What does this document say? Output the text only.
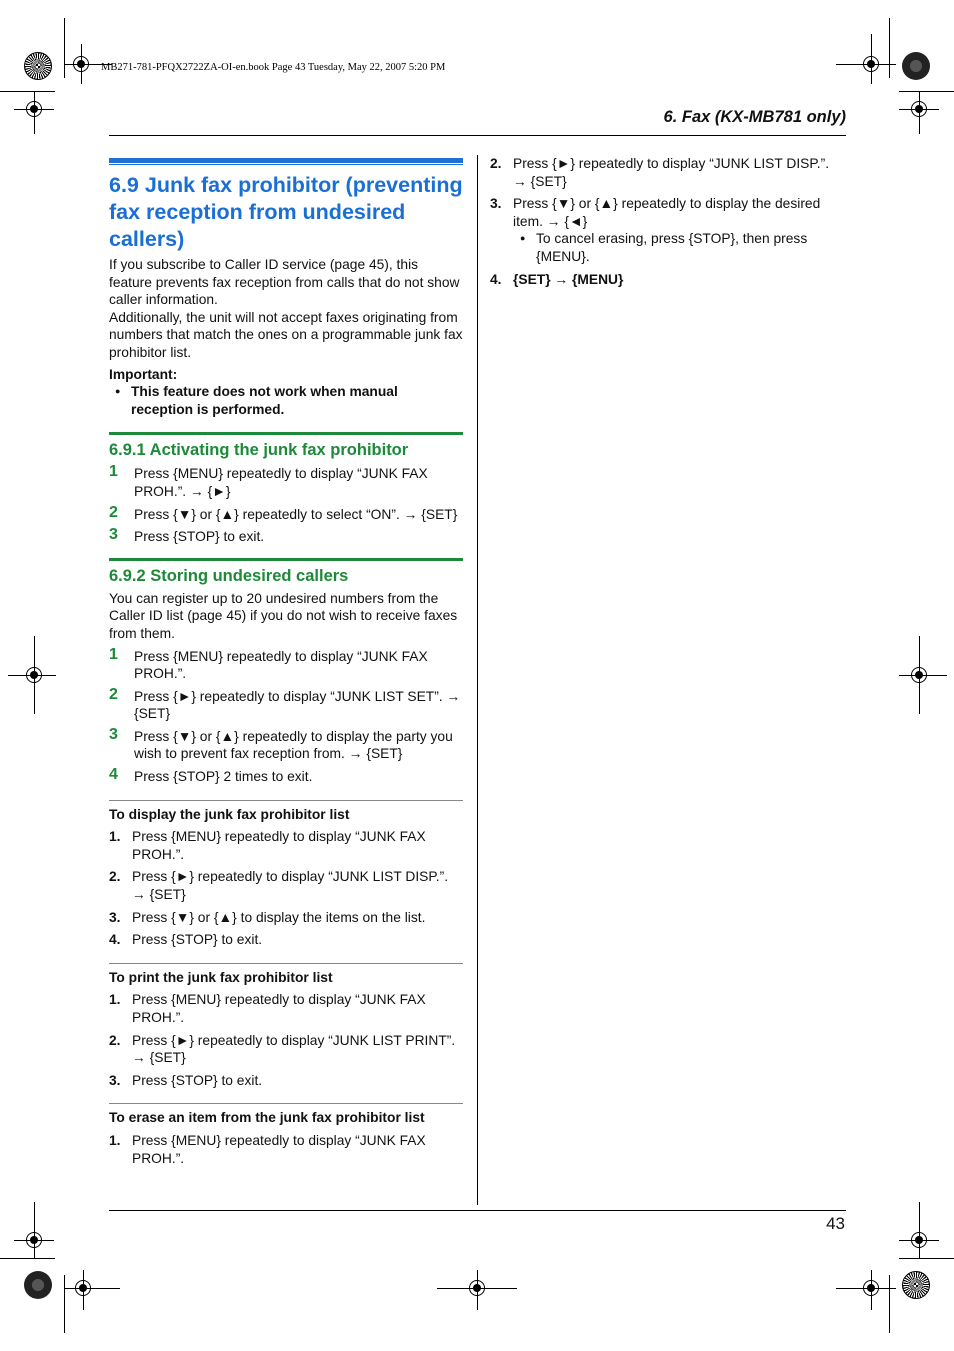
MB271-781-PFQX2722ZA-OI-en.book Page 43 Tuesday, May 22, 2007 5:20 PM
6. Fax (KX-MB781 only)
43
6.9 Junk fax prohibitor (preventing fax reception from undesired callers)

If you subscribe to Caller ID service (page 45), this feature prevents fax reception from calls that do not show caller information.

Additionally, the unit will not accept faxes originating from numbers that match the ones on a programmable junk fax prohibitor list.

Important:
● This feature does not work when manual reception is performed.
6.9.1 Activating the junk fax prohibitor
1 Press {MENU} repeatedly to display “JUNK FAX PROH.”. → {►}
2 Press {▼} or {▲} repeatedly to select “ON”. → {SET}
3 Press {STOP} to exit.
6.9.2 Storing undesired callers

You can register up to 20 undesired numbers from the Caller ID list (page 45) if you do not wish to receive faxes from them.

1 Press {MENU} repeatedly to display “JUNK FAX PROH.”.
2 Press {►} repeatedly to display “JUNK LIST SET”. → {SET}
3 Press {▼} or {▲} repeatedly to display the party you wish to prevent fax reception from. → {SET}
4 Press {STOP} 2 times to exit.
To display the junk fax prohibitor list
1. Press {MENU} repeatedly to display “JUNK FAX PROH.”.
2. Press {►} repeatedly to display “JUNK LIST DISP.”. → {SET}
3. Press {▼} or {▲} to display the items on the list.
4. Press {STOP} to exit.
To print the junk fax prohibitor list
1. Press {MENU} repeatedly to display “JUNK FAX PROH.”.
2. Press {►} repeatedly to display “JUNK LIST PRINT”. → {SET}
3. Press {STOP} to exit.
To erase an item from the junk fax prohibitor list
1. Press {MENU} repeatedly to display “JUNK FAX PROH.”.
2. Press {►} repeatedly to display “JUNK LIST DISP.”. → {SET}
3. Press {▼} or {▲} repeatedly to display the desired item. → {◄}
● To cancel erasing, press {STOP}, then press {MENU}.
4. {SET} → {MENU}
